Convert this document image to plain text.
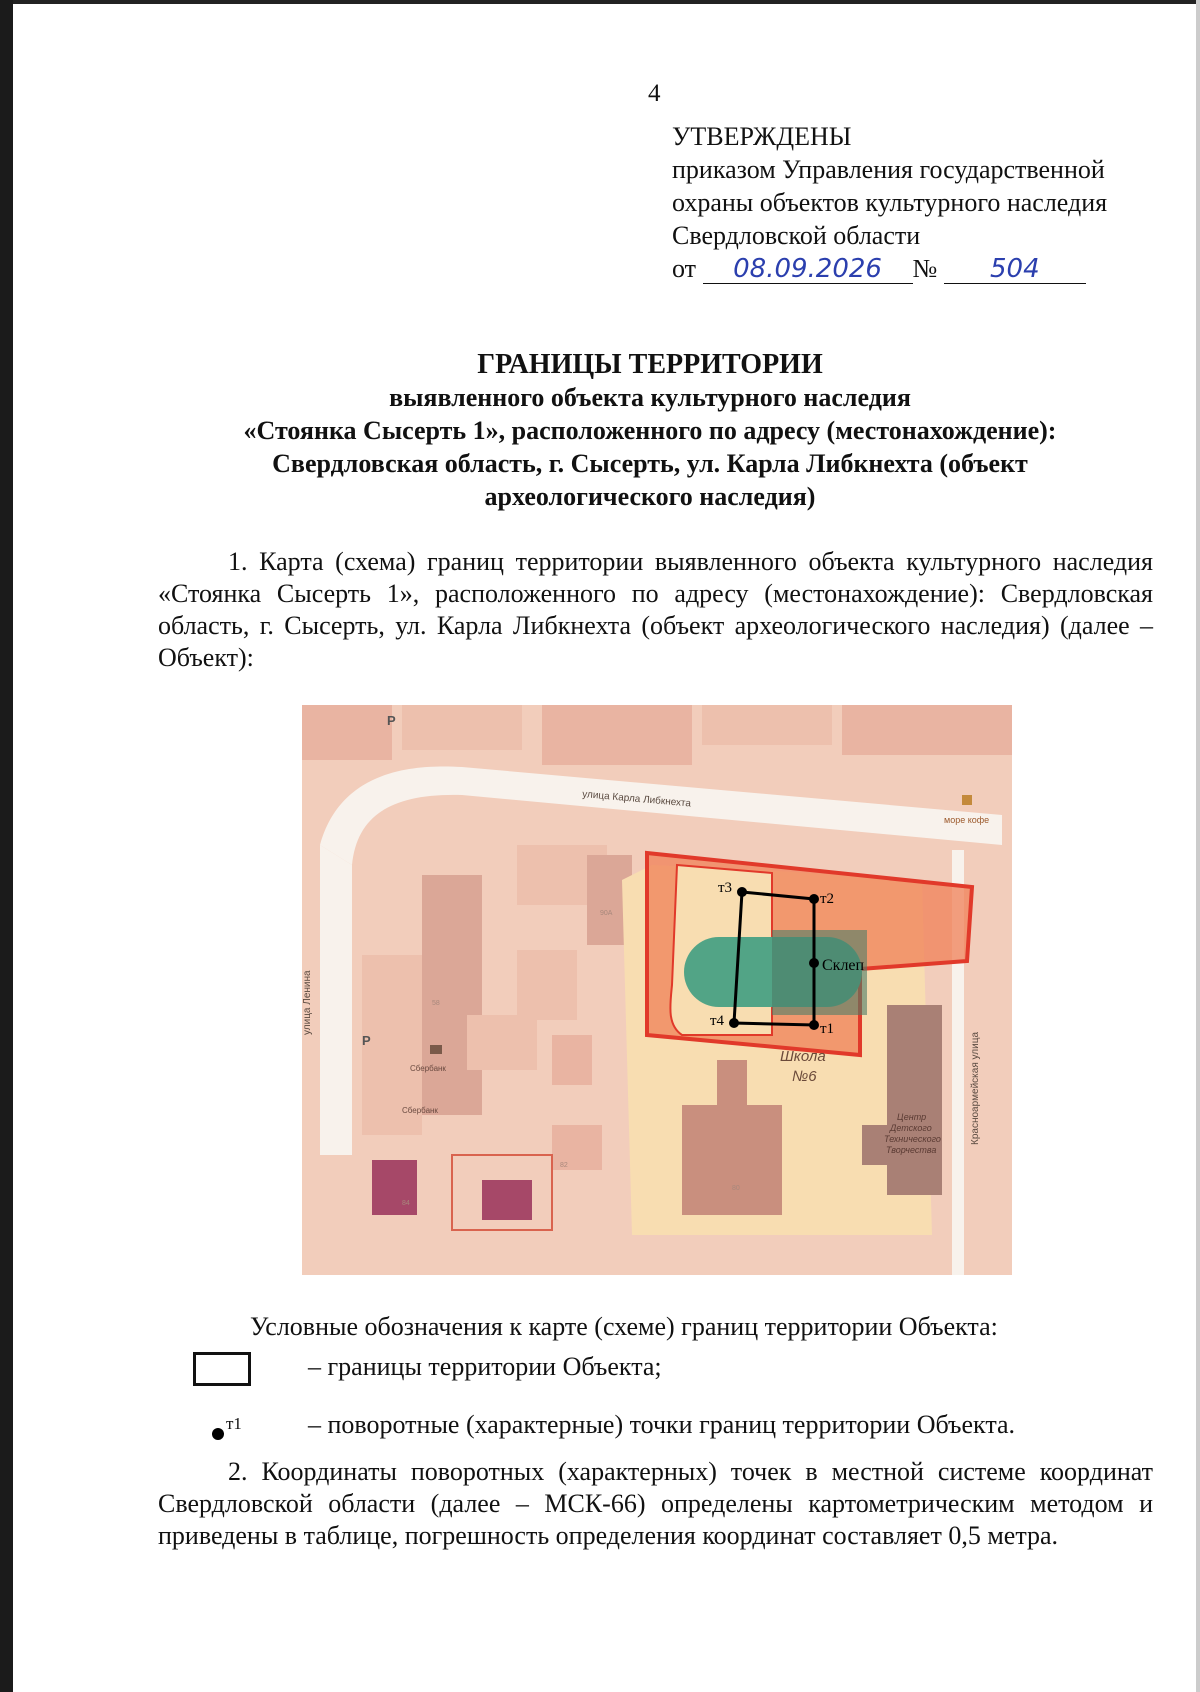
4
УТВЕРЖДЕНЫ
приказом Управления государственной
охраны объектов культурного наследия
Свердловской области
от 08.09.2026 № 504
ГРАНИЦЫ ТЕРРИТОРИИ
выявленного объекта культурного наследия
«Стоянка Сысерть 1», расположенного по адресу (местонахождение):
Свердловская область, г. Сысерть, ул. Карла Либкнехта (объект
археологического наследия)
1. Карта (схема) границ территории выявленного объекта культурного наследия «Стоянка Сысерть 1», расположенного по адресу (местонахождение): Свердловская область, г. Сысерть, ул. Карла Либкнехта (объект археологического наследия) (далее – Объект):
т2
т1
т3
т4
Склеп
Школа
№6
Центр
Детского
Технического
Творчества
улица Карла Либкнехта
улица Ленина
Красноармейская улица
P
P
море кофе
Сбербанк
Сбербанк
90А
58
82
84
80
Условные обозначения к карте (схеме) границ территории Объекта:
– границы территории Объекта;
т1	– поворотные (характерные) точки границ территории Объекта.
2. Координаты поворотных (характерных) точек в местной системе координат Свердловской области (далее – МСК-66) определены картометрическим методом и приведены в таблице, погрешность определения координат составляет 0,5 метра.
